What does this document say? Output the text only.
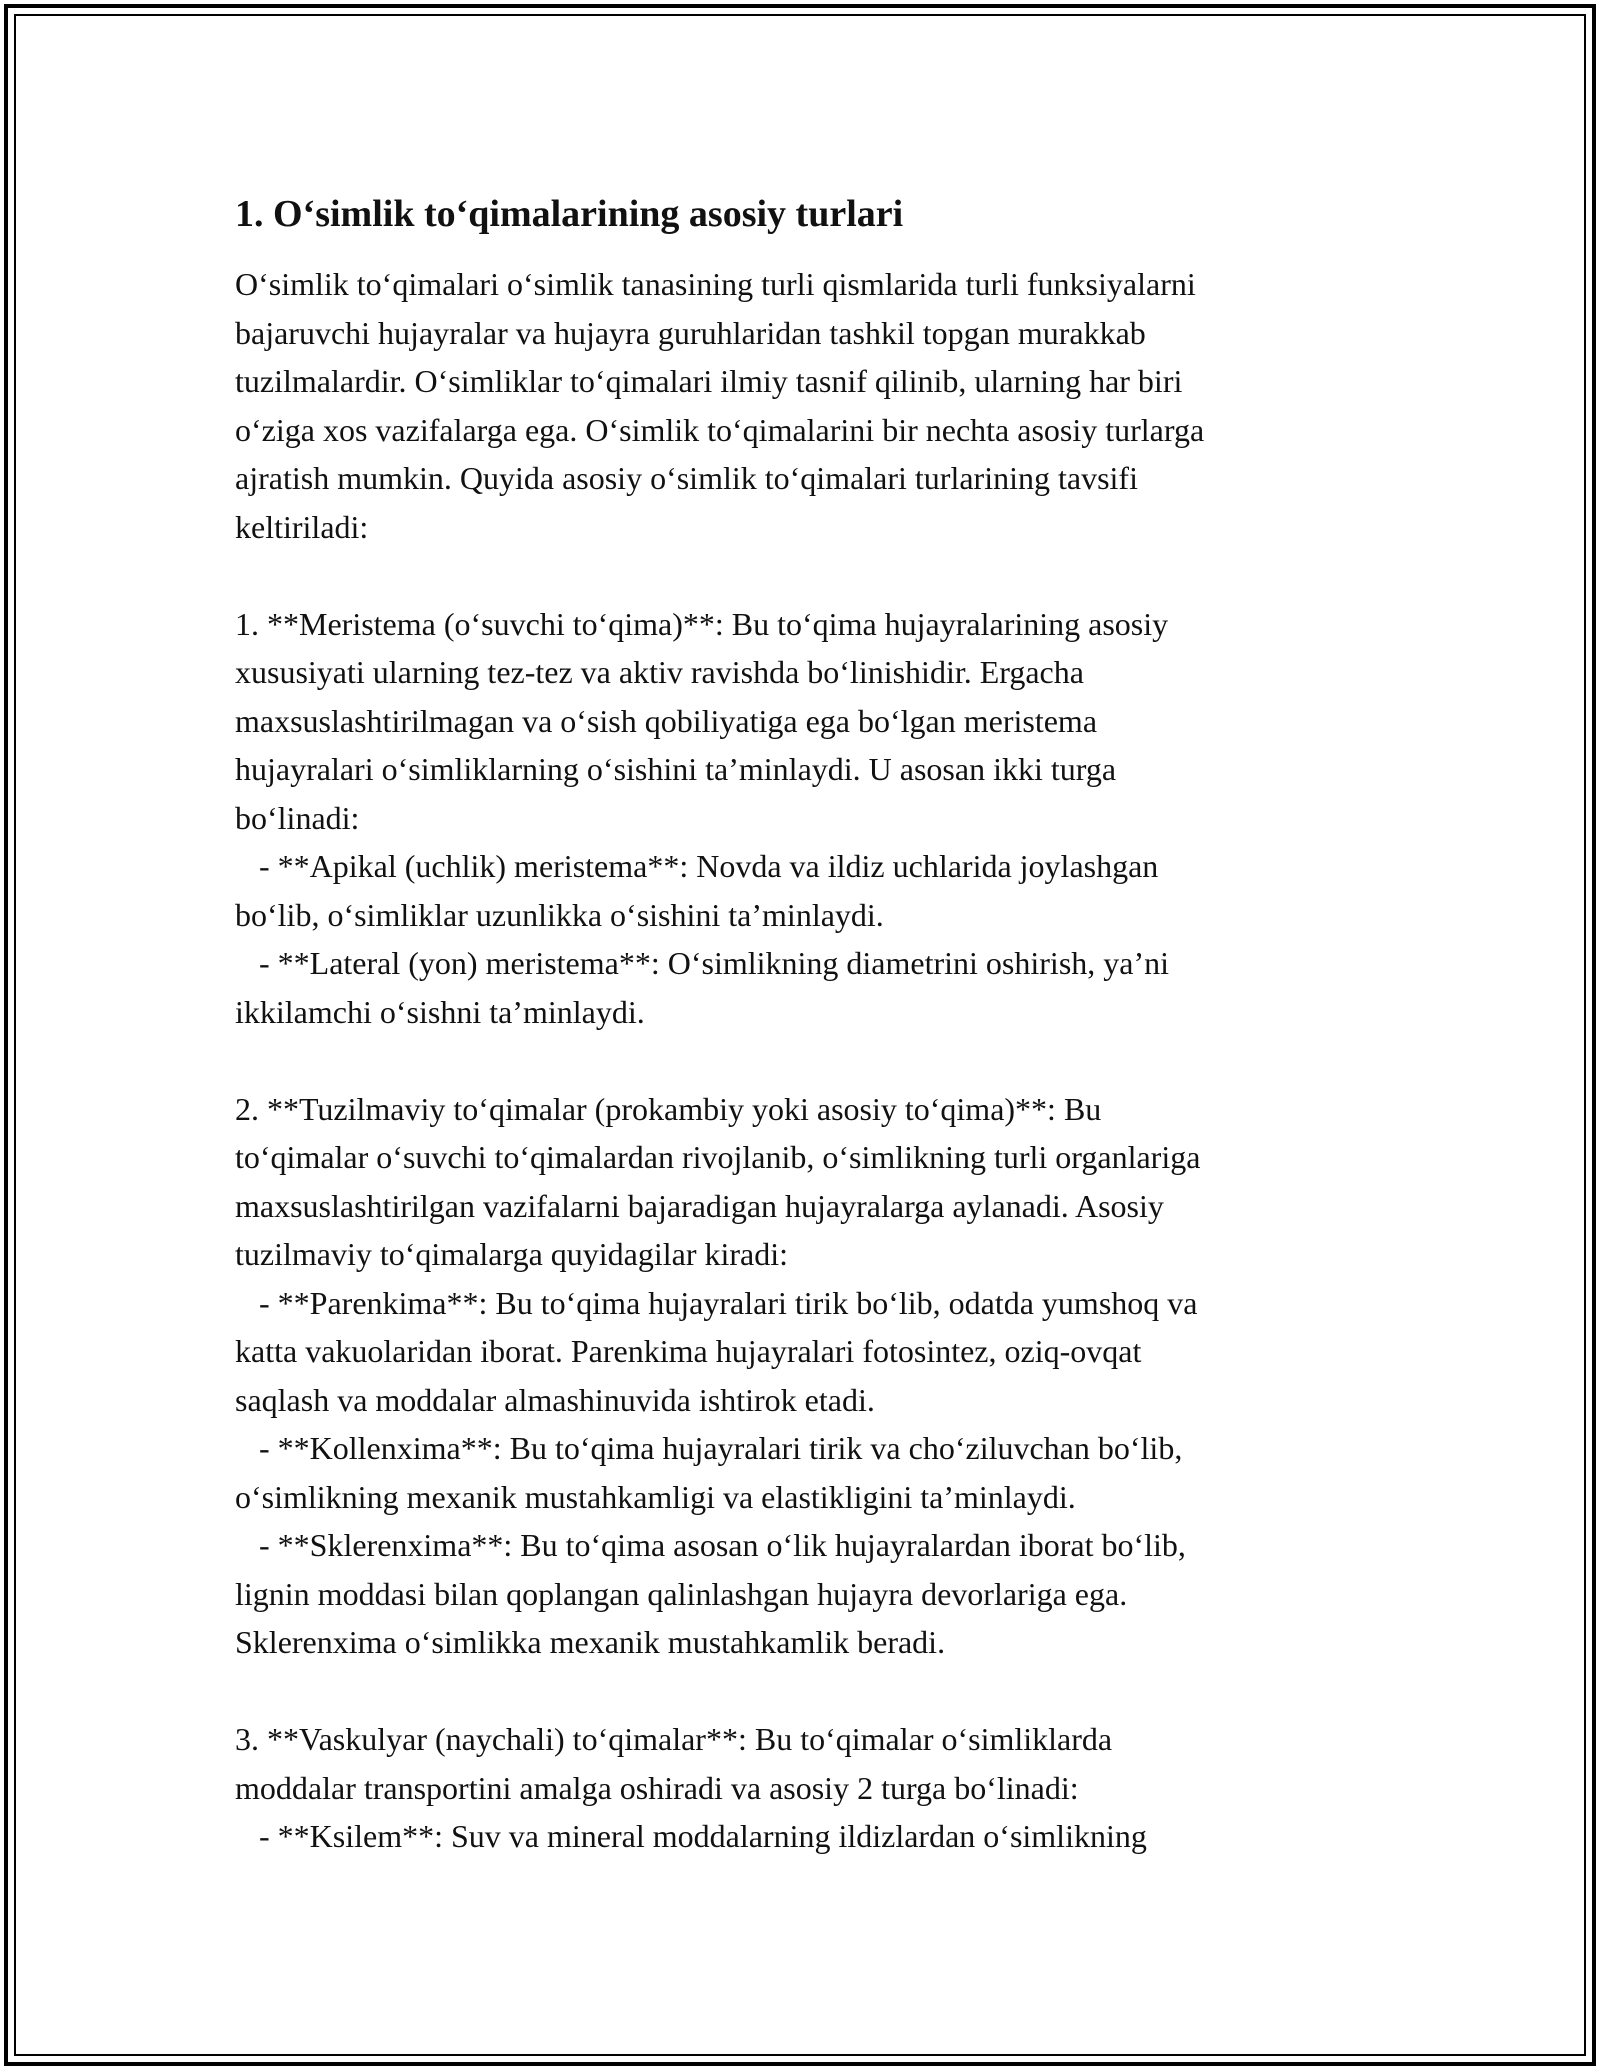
1. O‘simlik to‘qimalarining asosiy turlari
O‘simlik to‘qimalari o‘simlik tanasining turli qismlarida turli funksiyalarni
bajaruvchi hujayralar va hujayra guruhlaridan tashkil topgan murakkab
tuzilmalardir. O‘simliklar to‘qimalari ilmiy tasnif qilinib, ularning har biri
o‘ziga xos vazifalarga ega. O‘simlik to‘qimalarini bir nechta asosiy turlarga
ajratish mumkin. Quyida asosiy o‘simlik to‘qimalari turlarining tavsifi
keltiriladi:
1. **Meristema (o‘suvchi to‘qima)**: Bu to‘qima hujayralarining asosiy
xususiyati ularning tez-tez va aktiv ravishda bo‘linishidir. Ergacha
maxsuslashtirilmagan va o‘sish qobiliyatiga ega bo‘lgan meristema
hujayralari o‘simliklarning o‘sishini ta’minlaydi. U asosan ikki turga
bo‘linadi:
- **Apikal (uchlik) meristema**: Novda va ildiz uchlarida joylashgan
bo‘lib, o‘simliklar uzunlikka o‘sishini ta’minlaydi.
- **Lateral (yon) meristema**: O‘simlikning diametrini oshirish, ya’ni
ikkilamchi o‘sishni ta’minlaydi.
2. **Tuzilmaviy to‘qimalar (prokambiy yoki asosiy to‘qima)**: Bu
to‘qimalar o‘suvchi to‘qimalardan rivojlanib, o‘simlikning turli organlariga
maxsuslashtirilgan vazifalarni bajaradigan hujayralarga aylanadi. Asosiy
tuzilmaviy to‘qimalarga quyidagilar kiradi:
- **Parenkima**: Bu to‘qima hujayralari tirik bo‘lib, odatda yumshoq va
katta vakuolaridan iborat. Parenkima hujayralari fotosintez, oziq-ovqat
saqlash va moddalar almashinuvida ishtirok etadi.
- **Kollenxima**: Bu to‘qima hujayralari tirik va cho‘ziluvchan bo‘lib,
o‘simlikning mexanik mustahkamligi va elastikligini ta’minlaydi.
- **Sklerenxima**: Bu to‘qima asosan o‘lik hujayralardan iborat bo‘lib,
lignin moddasi bilan qoplangan qalinlashgan hujayra devorlariga ega.
Sklerenxima o‘simlikka mexanik mustahkamlik beradi.
3. **Vaskulyar (naychali) to‘qimalar**: Bu to‘qimalar o‘simliklarda
moddalar transportini amalga oshiradi va asosiy 2 turga bo‘linadi:
- **Ksilem**: Suv va mineral moddalarning ildizlardan o‘simlikning
